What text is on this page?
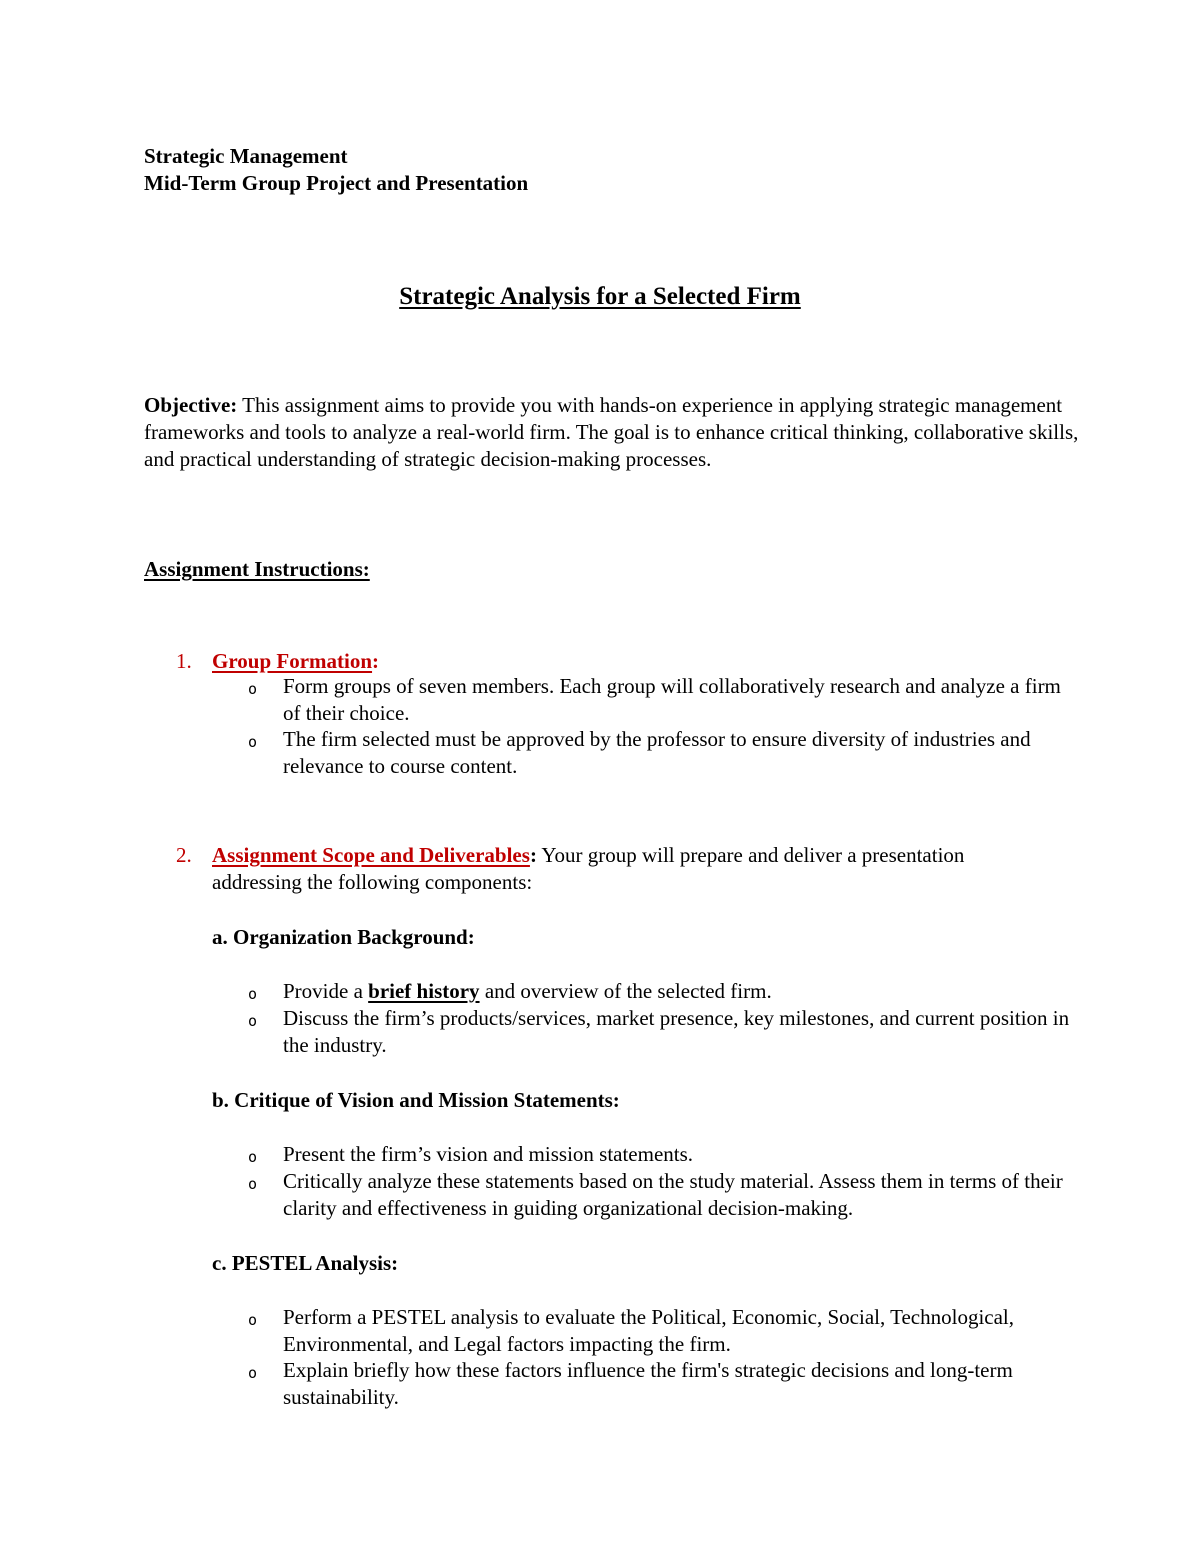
Strategic Management
Mid-Term Group Project and Presentation
Strategic Analysis for a Selected Firm
Objective: This assignment aims to provide you with hands-on experience in applying strategic management frameworks and tools to analyze a real-world firm. The goal is to enhance critical thinking, collaborative skills, and practical understanding of strategic decision-making processes.
Assignment Instructions:
1. Group Formation:
o Form groups of seven members. Each group will collaboratively research and analyze a firm of their choice.
o The firm selected must be approved by the professor to ensure diversity of industries and relevance to course content.
2. Assignment Scope and Deliverables: Your group will prepare and deliver a presentation
addressing the following components:
a. Organization Background:
o Provide a brief history and overview of the selected firm.
o Discuss the firm’s products/services, market presence, key milestones, and current position in the industry.
b. Critique of Vision and Mission Statements:
o Present the firm’s vision and mission statements.
o Critically analyze these statements based on the study material. Assess them in terms of their clarity and effectiveness in guiding organizational decision-making.
c. PESTEL Analysis:
o Perform a PESTEL analysis to evaluate the Political, Economic, Social, Technological, Environmental, and Legal factors impacting the firm.
o Explain briefly how these factors influence the firm's strategic decisions and long-term sustainability.
